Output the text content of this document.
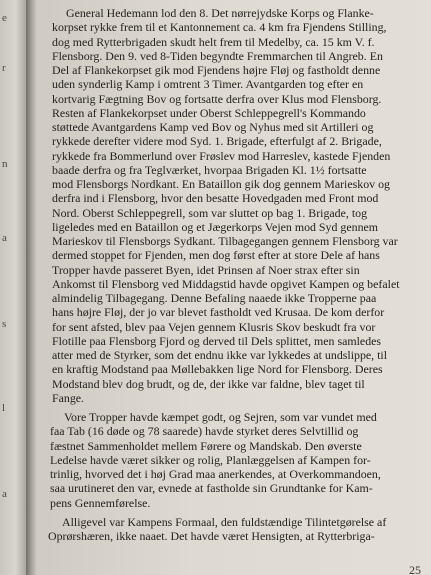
e
r
n
a
s
l
a
General Hedemann lod den 8. Det nørrejydske Korps og Flanke-
korpset rykke frem til et Kantonnement ca. 4 km fra Fjendens Stilling,
dog med Rytterbrigaden skudt helt frem til Medelby, ca. 15 km V. f.
Flensborg. Den 9. ved 8-Tiden begyndte Fremmarchen til Angreb. En
Del af Flankekorpset gik mod Fjendens højre Fløj og fastholdt denne
uden synderlig Kamp i omtrent 3 Timer. Avantgarden tog efter en
kortvarig Fægtning Bov og fortsatte derfra over Klus mod Flensborg.
Resten af Flankekorpset under Oberst Schleppegrell's Kommando
støttede Avantgardens Kamp ved Bov og Nyhus med sit Artilleri og
rykkede derefter videre mod Syd. 1. Brigade, efterfulgt af 2. Brigade,
rykkede fra Bommerlund over Frøslev mod Harreslev, kastede Fjenden
baade derfra og fra Teglværket, hvorpaa Brigaden Kl. 1½ fortsatte
mod Flensborgs Nordkant. En Bataillon gik dog gennem Marieskov og
derfra ind i Flensborg, hvor den besatte Hovedgaden med Front mod
Nord. Oberst Schleppegrell, som var sluttet op bag 1. Brigade, tog
ligeledes med en Bataillon og et Jægerkorps Vejen mod Syd gennem
Marieskov til Flensborgs Sydkant. Tilbagegangen gennem Flensborg var
dermed stoppet for Fjenden, men dog først efter at store Dele af hans
Tropper havde passeret Byen, idet Prinsen af Noer strax efter sin
Ankomst til Flensborg ved Middagstid havde opgivet Kampen og befalet
almindelig Tilbagegang. Denne Befaling naaede ikke Tropperne paa
hans højre Fløj, der jo var blevet fastholdt ved Krusaa. De kom derfor
for sent afsted, blev paa Vejen gennem Klusris Skov beskudt fra vor
Flotille paa Flensborg Fjord og derved til Dels splittet, men samledes
atter med de Styrker, som det endnu ikke var lykkedes at undslippe, til
en kraftig Modstand paa Møllebakken lige Nord for Flensborg. Deres
Modstand blev dog brudt, og de, der ikke var faldne, blev taget til
Fange.
Vore Tropper havde kæmpet godt, og Sejren, som var vundet med
faa Tab (16 døde og 78 saarede) havde styrket deres Selvtillid og
fæstnet Sammenholdet mellem Førere og Mandskab. Den øverste
Ledelse havde været sikker og rolig, Planlæggelsen af Kampen for-
trinlig, hvorved det i høj Grad maa anerkendes, at Overkommandoen,
saa urutineret den var, evnede at fastholde sin Grundtanke for Kam-
pens Gennemførelse.
Alligevel var Kampens Formaal, den fuldstændige Tilintetgørelse af
Oprørshæren, ikke naaet. Det havde været Hensigten, at Rytterbriga-
25
